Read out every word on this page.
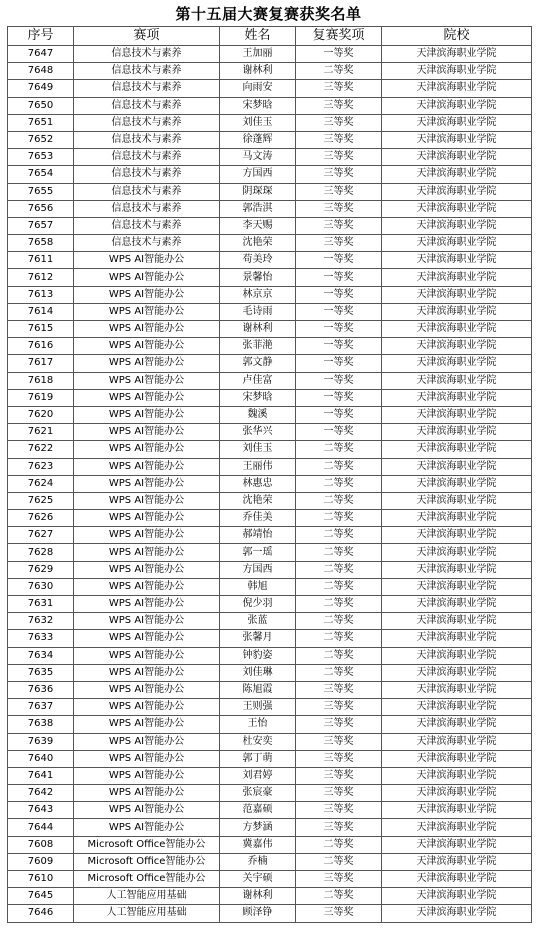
第十五届大赛复赛获奖名单
序号	赛项	姓名	复赛奖项	院校
7647	信息技术与素养	王加丽	一等奖	天津滨海职业学院
7648	信息技术与素养	谢林利	二等奖	天津滨海职业学院
7649	信息技术与素养	向雨安	三等奖	天津滨海职业学院
7650	信息技术与素养	宋梦晗	三等奖	天津滨海职业学院
7651	信息技术与素养	刘佳玉	三等奖	天津滨海职业学院
7652	信息技术与素养	徐蓬辉	三等奖	天津滨海职业学院
7653	信息技术与素养	马文涛	三等奖	天津滨海职业学院
7654	信息技术与素养	方国西	三等奖	天津滨海职业学院
7655	信息技术与素养	阴琛琛	三等奖	天津滨海职业学院
7656	信息技术与素养	郭浩淇	三等奖	天津滨海职业学院
7657	信息技术与素养	李天赐	三等奖	天津滨海职业学院
7658	信息技术与素养	沈艳荣	三等奖	天津滨海职业学院
7611	WPS AI智能办公	苟美玲	一等奖	天津滨海职业学院
7612	WPS AI智能办公	景馨怡	一等奖	天津滨海职业学院
7613	WPS AI智能办公	林京京	一等奖	天津滨海职业学院
7614	WPS AI智能办公	毛诗雨	一等奖	天津滨海职业学院
7615	WPS AI智能办公	谢林利	一等奖	天津滨海职业学院
7616	WPS AI智能办公	张菲滟	一等奖	天津滨海职业学院
7617	WPS AI智能办公	郭文静	一等奖	天津滨海职业学院
7618	WPS AI智能办公	卢佳富	一等奖	天津滨海职业学院
7619	WPS AI智能办公	宋梦晗	一等奖	天津滨海职业学院
7620	WPS AI智能办公	魏溪	一等奖	天津滨海职业学院
7621	WPS AI智能办公	张华兴	一等奖	天津滨海职业学院
7622	WPS AI智能办公	刘佳玉	二等奖	天津滨海职业学院
7623	WPS AI智能办公	王丽伟	二等奖	天津滨海职业学院
7624	WPS AI智能办公	林惠忠	二等奖	天津滨海职业学院
7625	WPS AI智能办公	沈艳荣	二等奖	天津滨海职业学院
7626	WPS AI智能办公	乔佳美	二等奖	天津滨海职业学院
7627	WPS AI智能办公	郝靖怡	二等奖	天津滨海职业学院
7628	WPS AI智能办公	郭一瑶	二等奖	天津滨海职业学院
7629	WPS AI智能办公	方国西	二等奖	天津滨海职业学院
7630	WPS AI智能办公	韩旭	二等奖	天津滨海职业学院
7631	WPS AI智能办公	倪少羽	二等奖	天津滨海职业学院
7632	WPS AI智能办公	张蓝	二等奖	天津滨海职业学院
7633	WPS AI智能办公	张馨月	二等奖	天津滨海职业学院
7634	WPS AI智能办公	钟豹姿	二等奖	天津滨海职业学院
7635	WPS AI智能办公	刘佳琳	二等奖	天津滨海职业学院
7636	WPS AI智能办公	陈旭霞	三等奖	天津滨海职业学院
7637	WPS AI智能办公	王则强	三等奖	天津滨海职业学院
7638	WPS AI智能办公	王怡	三等奖	天津滨海职业学院
7639	WPS AI智能办公	杜安奕	三等奖	天津滨海职业学院
7640	WPS AI智能办公	郭丁萌	三等奖	天津滨海职业学院
7641	WPS AI智能办公	刘君婷	三等奖	天津滨海职业学院
7642	WPS AI智能办公	张宸豪	三等奖	天津滨海职业学院
7643	WPS AI智能办公	范嘉硕	三等奖	天津滨海职业学院
7644	WPS AI智能办公	方梦涵	三等奖	天津滨海职业学院
7608	Microsoft Office智能办公	冀嘉伟	二等奖	天津滨海职业学院
7609	Microsoft Office智能办公	乔楠	二等奖	天津滨海职业学院
7610	Microsoft Office智能办公	关宇硕	三等奖	天津滨海职业学院
7645	人工智能应用基础	谢林利	二等奖	天津滨海职业学院
7646	人工智能应用基础	顾泽铮	三等奖	天津滨海职业学院
